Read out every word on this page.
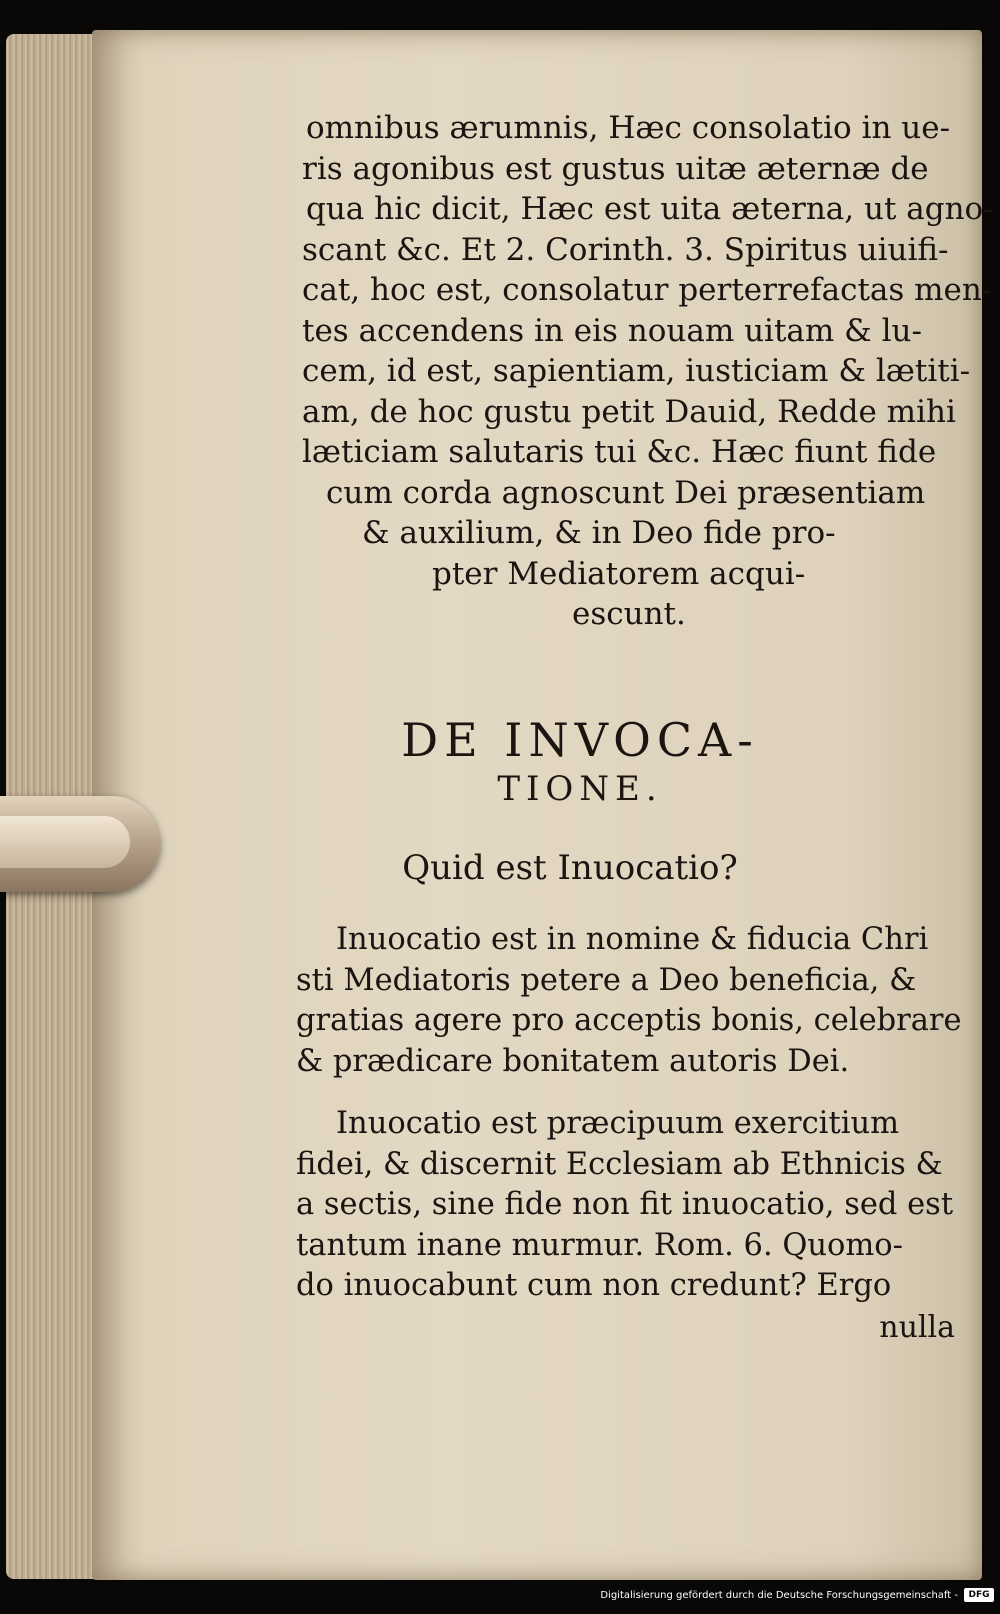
omnibus ærumnis, Hæc consolatio in ue-
ris agonibus est gustus uitæ æternæ de
qua hic dicit, Hæc est uita æterna, ut agno-
scant &c. Et 2. Corinth. 3. Spiritus uiuifi-
cat, hoc est, consolatur perterrefactas men-
tes accendens in eis nouam uitam & lu-
cem, id est, sapientiam, iusticiam & lætiti-
am, de hoc gustu petit Dauid, Redde mihi
læticiam salutaris tui &c. Hæc fiunt fide
cum corda agnoscunt Dei præsentiam
& auxilium, & in Deo fide pro-
pter Mediatorem acqui-
escunt.
DE INVOCA-
TIONE.
Quid est Inuocatio?
Inuocatio est in nomine & fiducia Chri
sti Mediatoris petere a Deo beneficia, &
gratias agere pro acceptis bonis, celebrare
& prædicare bonitatem autoris Dei.
Inuocatio est præcipuum exercitium
fidei, & discernit Ecclesiam ab Ethnicis &
a sectis, sine fide non fit inuocatio, sed est
tantum inane murmur. Rom. 6. Quomo-
do inuocabunt cum non credunt? Ergo
nulla
Digitalisierung gefördert durch die Deutsche Forschungsgemeinschaft -	DFG
